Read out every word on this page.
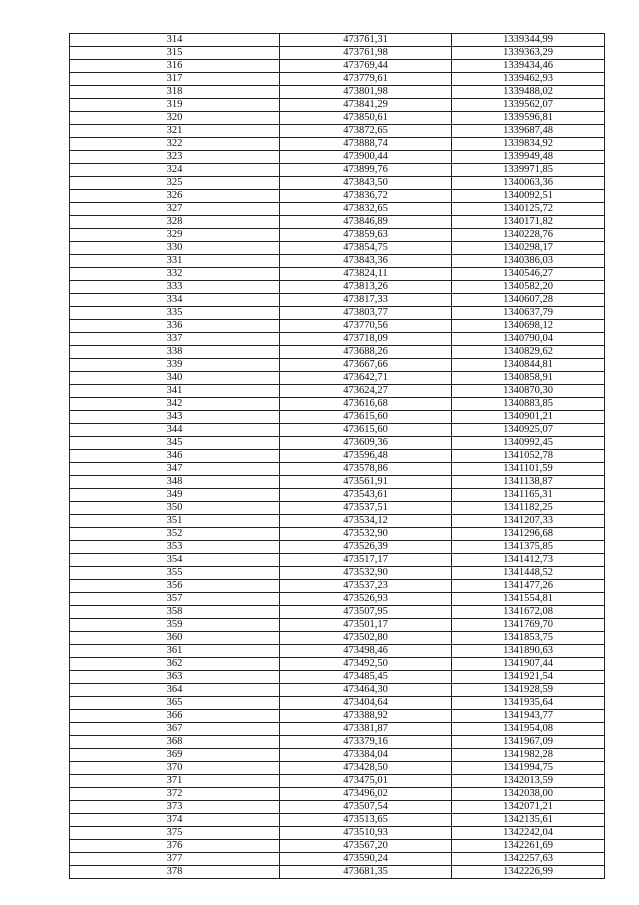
314	473761,31	1339344,99
315	473761,98	1339363,29
316	473769,44	1339434,46
317	473779,61	1339462,93
318	473801,98	1339488,02
319	473841,29	1339562,07
320	473850,61	1339596,81
321	473872,65	1339687,48
322	473888,74	1339834,92
323	473900,44	1339949,48
324	473899,76	1339971,85
325	473843,50	1340063,36
326	473836,72	1340092,51
327	473832,65	1340125,72
328	473846,89	1340171,82
329	473859,63	1340228,76
330	473854,75	1340298,17
331	473843,36	1340386,03
332	473824,11	1340546,27
333	473813,26	1340582,20
334	473817,33	1340607,28
335	473803,77	1340637,79
336	473770,56	1340698,12
337	473718,09	1340790,04
338	473688,26	1340829,62
339	473667,66	1340844,81
340	473642,71	1340858,91
341	473624,27	1340870,30
342	473616,68	1340883,85
343	473615,60	1340901,21
344	473615,60	1340925,07
345	473609,36	1340992,45
346	473596,48	1341052,78
347	473578,86	1341101,59
348	473561,91	1341138,87
349	473543,61	1341165,31
350	473537,51	1341182,25
351	473534,12	1341207,33
352	473532,90	1341296,68
353	473526,39	1341375,85
354	473517,17	1341412,73
355	473532,90	1341448,52
356	473537,23	1341477,26
357	473526,93	1341554,81
358	473507,95	1341672,08
359	473501,17	1341769,70
360	473502,80	1341853,75
361	473498,46	1341890,63
362	473492,50	1341907,44
363	473485,45	1341921,54
364	473464,30	1341928,59
365	473404,64	1341935,64
366	473388,92	1341943,77
367	473381,87	1341954,08
368	473379,16	1341967,09
369	473384,04	1341982,28
370	473428,50	1341994,75
371	473475,01	1342013,59
372	473496,02	1342038,00
373	473507,54	1342071,21
374	473513,65	1342135,61
375	473510,93	1342242,04
376	473567,20	1342261,69
377	473590,24	1342257,63
378	473681,35	1342226,99
